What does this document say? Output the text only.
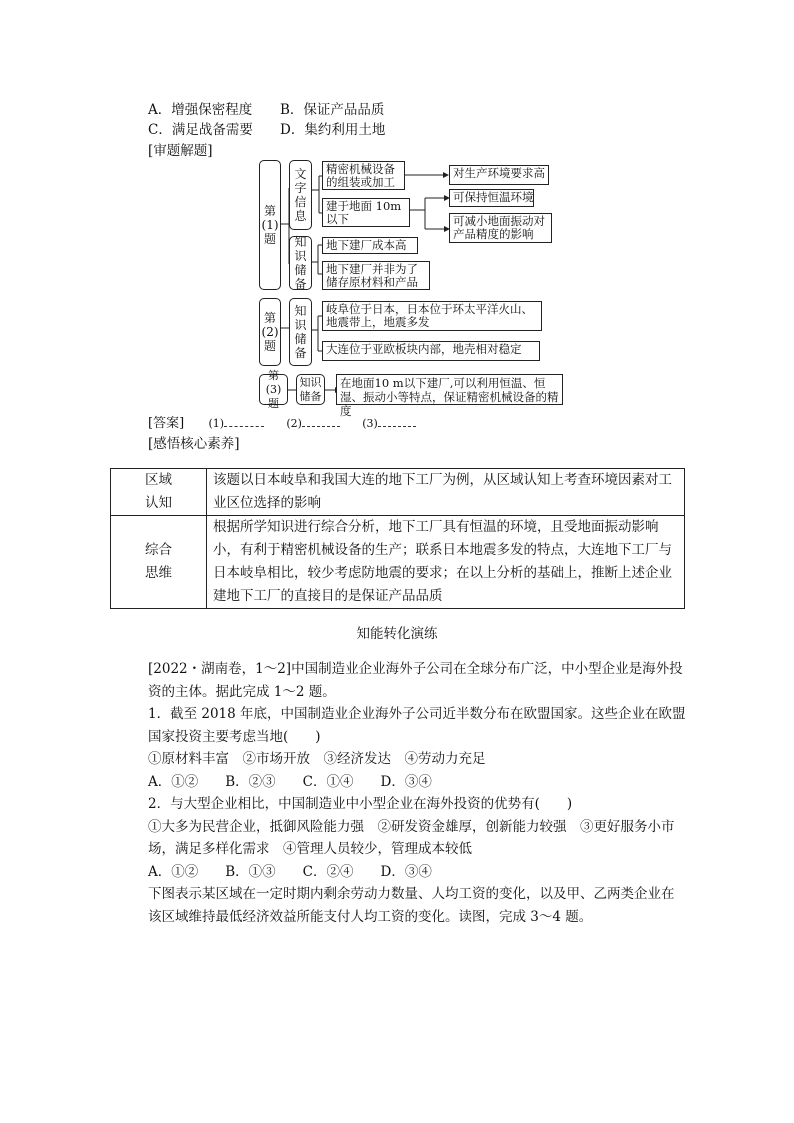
A．增强保密程度 B．保证产品品质
C．满足战备需要 D．集约利用土地
[审题解题]
第(1)题
文字信息
知识储备
精密机械设备的组装或加工
对生产环境要求高
建于地面 10m 以下
可保持恒温环境
可减小地面振动对产品精度的影响
地下建厂成本高
地下建厂并非为了储存原材料和产品
第(2)题
知识储备
岐阜位于日本，日本位于环太平洋火山、地震带上，地震多发
大连位于亚欧板块内部，地壳相对稳定
第(3)题
知识储备
在地面10 m以下建厂,可以利用恒温、恒湿、振动小等特点，保证精密机械设备的精度
[答案] (1)	(2)	(3)
[感悟核心素养]
区域认知	该题以日本岐阜和我国大连的地下工厂为例，从区域认知上考查环境因素对工业区位选择的影响

综合思维	根据所学知识进行综合分析，地下工厂具有恒温的环境，且受地面振动影响小，有利于精密机械设备的生产；联系日本地震多发的特点，大连地下工厂与日本岐阜相比，较少考虑防地震的要求；在以上分析的基础上，推断上述企业建地下工厂的直接目的是保证产品品质
知能转化演练

[2022・湖南卷，1～2]中国制造业企业海外子公司在全球分布广泛，中小型企业是海外投资的主体。据此完成 1～2 题。

1．截至 2018 年底，中国制造业企业海外子公司近半数分布在欧盟国家。这些企业在欧盟国家投资主要考虑当地(　　)

①原材料丰富　②市场开放　③经济发达　④劳动力充足

A．①②　　B．②③　　C．①④　　D．③④

2．与大型企业相比，中国制造业中小型企业在海外投资的优势有(　　)

①大多为民营企业，抵御风险能力强　②研发资金雄厚，创新能力较强　③更好服务小市场，满足多样化需求　④管理人员较少，管理成本较低

A．①②　　B．①③　　C．②④　　D．③④

下图表示某区域在一定时期内剩余劳动力数量、人均工资的变化，以及甲、乙两类企业在该区域维持最低经济效益所能支付人均工资的变化。读图，完成 3～4 题。
